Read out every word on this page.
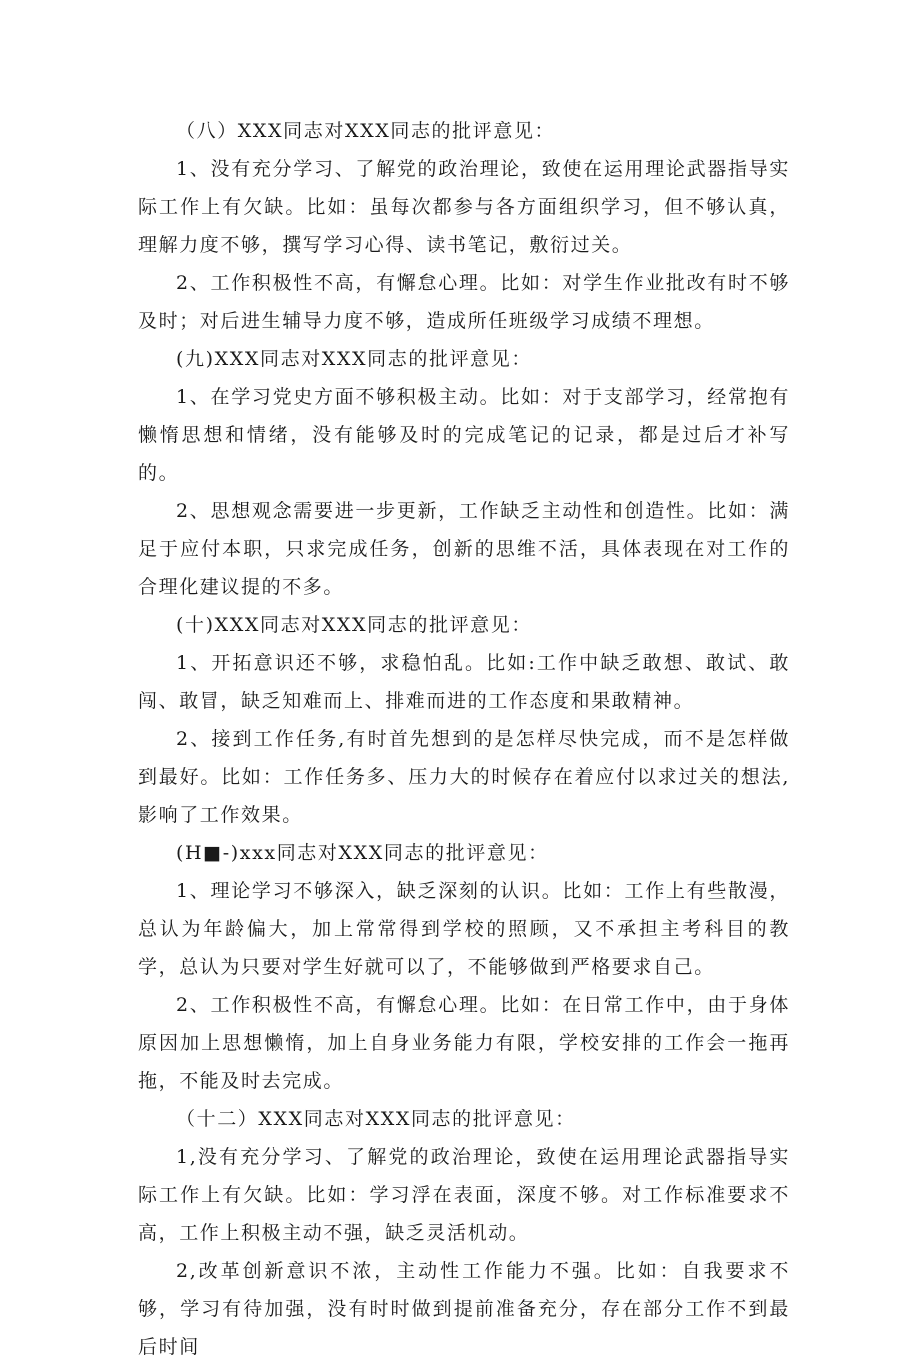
（八）XXX同志对XXX同志的批评意见：

1、没有充分学习、了解党的政治理论，致使在运用理论武器指导实际工作上有欠缺。比如：虽每次都参与各方面组织学习，但不够认真，理解力度不够，撰写学习心得、读书笔记，敷衍过关。

2、工作积极性不高，有懈怠心理。比如：对学生作业批改有时不够及时；对后进生辅导力度不够，造成所任班级学习成绩不理想。

(九)XXX同志对XXX同志的批评意见：

1、在学习党史方面不够积极主动。比如：对于支部学习，经常抱有懒惰思想和情绪，没有能够及时的完成笔记的记录，都是过后才补写的。

2、思想观念需要进一步更新，工作缺乏主动性和创造性。比如：满足于应付本职，只求完成任务，创新的思维不活，具体表现在对工作的合理化建议提的不多。

(十)XXX同志对XXX同志的批评意见：

1、开拓意识还不够，求稳怕乱。比如:工作中缺乏敢想、敢试、敢闯、敢冒，缺乏知难而上、排难而进的工作态度和果敢精神。

2、接到工作任务,有时首先想到的是怎样尽快完成，而不是怎样做到最好。比如：工作任务多、压力大的时候存在着应付以求过关的想法,影响了工作效果。

(H■-)xxx同志对XXX同志的批评意见：

1、理论学习不够深入，缺乏深刻的认识。比如：工作上有些散漫，总认为年龄偏大，加上常常得到学校的照顾，又不承担主考科目的教学，总认为只要对学生好就可以了，不能够做到严格要求自己。

2、工作积极性不高，有懈怠心理。比如：在日常工作中，由于身体原因加上思想懒惰，加上自身业务能力有限，学校安排的工作会一拖再拖，不能及时去完成。

（十二）XXX同志对XXX同志的批评意见：

1,没有充分学习、了解党的政治理论，致使在运用理论武器指导实际工作上有欠缺。比如：学习浮在表面，深度不够。对工作标准要求不高，工作上积极主动不强，缺乏灵活机动。

2,改革创新意识不浓，主动性工作能力不强。比如：自我要求不够，学习有待加强，没有时时做到提前准备充分，存在部分工作不到最后时间
